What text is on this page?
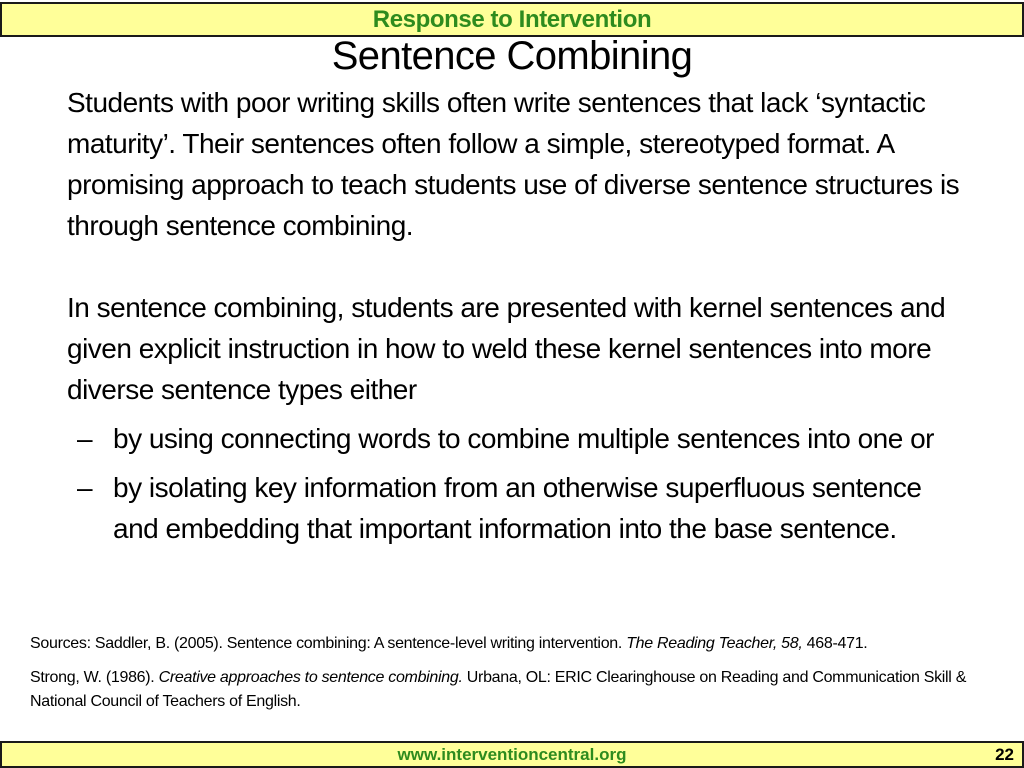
Response to Intervention
Sentence Combining

Students with poor writing skills often write sentences that lack ‘syntactic maturity’. Their sentences often follow a simple, stereotyped format. A promising approach to teach students use of diverse sentence structures is through sentence combining.

In sentence combining, students are presented with kernel sentences and given explicit instruction in how to weld these kernel sentences into more diverse sentence types either

– by using connecting words to combine multiple sentences into one or
– by isolating key information from an otherwise superfluous sentence and embedding that important information into the base sentence.

Sources: Saddler, B. (2005). Sentence combining: A sentence-level writing intervention. The Reading Teacher, 58, 468-471.

Strong, W. (1986). Creative approaches to sentence combining. Urbana, OL: ERIC Clearinghouse on Reading and Communication Skill & National Council of Teachers of English.

www.interventioncentral.org	22
